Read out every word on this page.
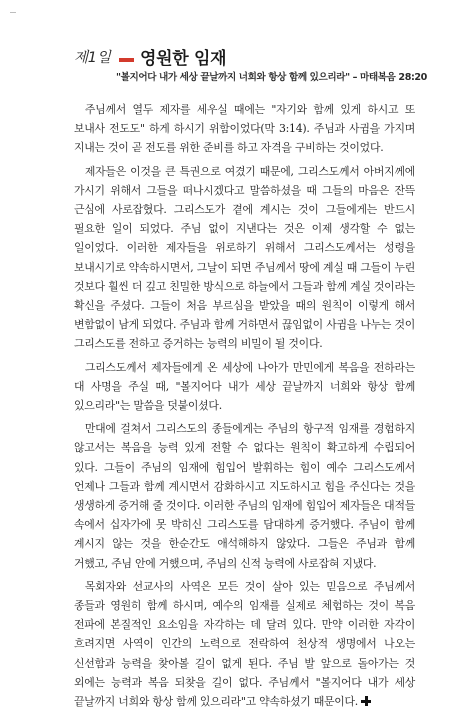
제1일 영원한 임재
"볼지어다 내가 세상 끝날까지 너희와 항상 함께 있으리라" – 마태복음 28:20

주님께서 열두 제자를 세우실 때에는 "자기와 함께 있게 하시고 또 보내사 전도도" 하게 하시기 위함이었다(막 3:14). 주님과 사귐을 가지며 지내는 것이 곧 전도를 위한 준비를 하고 자격을 구비하는 것이었다.

제자들은 이것을 큰 특권으로 여겼기 때문에, 그리스도께서 아버지께에 가시기 위해서 그들을 떠나시겠다고 말씀하셨을 때 그들의 마음은 잔뜩 근심에 사로잡혔다. 그리스도가 곁에 계시는 것이 그들에게는 반드시 필요한 일이 되었다. 주님 없이 지낸다는 것은 이제 생각할 수 없는 일이었다. 이러한 제자들을 위로하기 위해서 그리스도께서는 성령을 보내시기로 약속하시면서, 그날이 되면 주님께서 땅에 계실 때 그들이 누린 것보다 훨씬 더 깊고 친밀한 방식으로 하늘에서 그들과 함께 계실 것이라는 확신을 주셨다. 그들이 처음 부르심을 받았을 때의 원칙이 이렇게 해서 변함없이 남게 되었다. 주님과 함께 거하면서 끊임없이 사귐을 나누는 것이 그리스도를 전하고 증거하는 능력의 비밀이 될 것이다.

그리스도께서 제자들에게 온 세상에 나아가 만민에게 복음을 전하라는 대 사명을 주실 때, "볼지어다 내가 세상 끝날까지 너희와 항상 함께 있으리라"는 말씀을 덧붙이셨다.

만대에 걸쳐서 그리스도의 종들에게는 주님의 항구적 임재를 경험하지 않고서는 복음을 능력 있게 전할 수 없다는 원칙이 확고하게 수립되어 있다. 그들이 주님의 임재에 힘입어 발휘하는 힘이 예수 그리스도께서 언제나 그들과 함께 계시면서 감화하시고 지도하시고 힘을 주신다는 것을 생생하게 증거해 줄 것이다. 이러한 주님의 임재에 힘입어 제자들은 대적들 속에서 십자가에 못 박히신 그리스도를 담대하게 증거했다. 주님이 함께 계시지 않는 것을 한순간도 애석해하지 않았다. 그들은 주님과 함께 거했고, 주님 안에 거했으며, 주님의 신적 능력에 사로잡혀 지냈다.

목회자와 선교사의 사역은 모든 것이 살아 있는 믿음으로 주님께서 종들과 영원히 함께 하시며, 예수의 임재를 실제로 체험하는 것이 복음 전파에 본질적인 요소임을 자각하는 데 달려 있다. 만약 이러한 자각이 흐려지면 사역이 인간의 노력으로 전락하여 천상적 생명에서 나오는 신선함과 능력을 찾아볼 길이 없게 된다. 주님 발 앞으로 돌아가는 것 외에는 능력과 복음 되찾을 길이 없다. 주님께서 "볼지어다 내가 세상 끝날까지 너희와 항상 함께 있으리라"고 약속하셨기 때문이다.
